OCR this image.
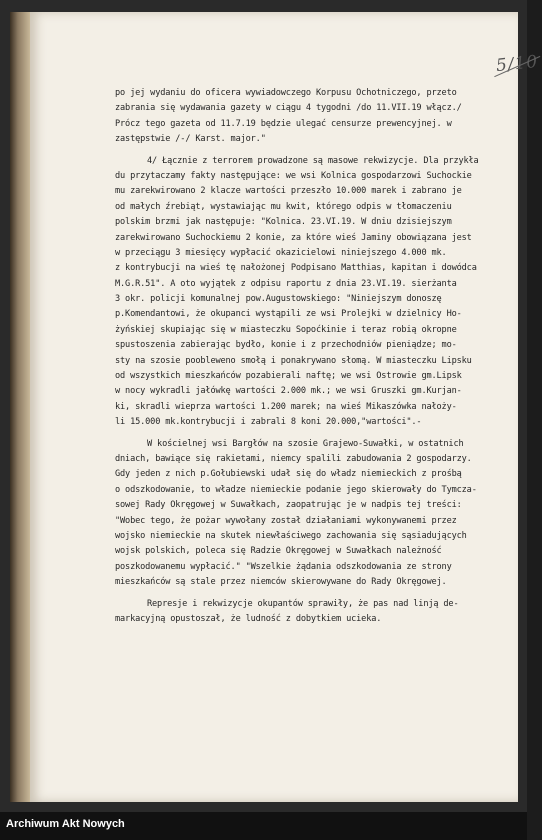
5/10
po jej wydaniu do oficera wywiadowczego Korpusu Ochotniczego, przeto
zabrania się wydawania gazety w ciągu 4 tygodni /do 11.VII.19 włącz./
Prócz tego gazeta od 11.7.19 będzie ulegać censurze prewencyjnej. w
zastępstwie /-/ Karst. major."
4/ Łącznie z terrorem prowadzone są masowe rekwizycje. Dla przykła
du przytaczamy fakty następujące: we wsi Kolnica gospodarzowi Suchockie
mu zarekwirowano 2 klacze wartości przeszło 10.000 marek i zabrano je
od małych źrebiąt, wystawiając mu kwit, którego odpis w tłomaczeniu
polskim brzmi jak następuje: "Kolnica. 23.VI.19. W dniu dzisiejszym
zarekwirowano Suchockiemu 2 konie, za które wieś Jaminy obowiązana jest
w przeciągu 3 miesięcy wypłacić okazicielowi niniejszego 4.000 mk.
z kontrybucji na wieś tę nałożonej Podpisano Matthias, kapitan i dowódca
M.G.R.51". A oto wyjątek z odpisu raportu z dnia 23.VI.19. sierżanta
3 okr. policji komunalnej pow.Augustowskiego: "Niniejszym donoszę
p.Komendantowi, że okupanci wystąpili ze wsi Prolejki w dzielnicy Ho-
żyńskiej skupiając się w miasteczku Sopoćkinie i teraz robią okropne
spustoszenia zabierając bydło, konie i z przechodniów pieniądze; mo-
sty na szosie poobleweno smołą i ponakrywano słomą. W miasteczku Lipsku
od wszystkich mieszkańców pozabierali naftę; we wsi Ostrowie gm.Lipsk
w nocy wykradli jałówkę wartości 2.000 mk.; we wsi Gruszki gm.Kurjan-
ki, skradli wieprza wartości 1.200 marek; na wieś Mikaszówka nałoży-
li 15.000 mk.kontrybucji i zabrali 8 koni 20.000,"wartości".-
W kościelnej wsi Bargłów na szosie Grajewo-Suwałki, w ostatnich
dniach, bawiące się rakietami, niemcy spalili zabudowania 2 gospodarzy.
Gdy jeden z nich p.Gołubiewski udał się do władz niemieckich z prośbą
o odszkodowanie, to władze niemieckie podanie jego skierowały do Tymcza-
sowej Rady Okręgowej w Suwałkach, zaopatrując je w nadpis tej treści:
"Wobec tego, że pożar wywołany został działaniami wykonywanemi przez
wojsko niemieckie na skutek niewłaściwego zachowania się sąsiadujących
wojsk polskich, poleca się Radzie Okręgowej w Suwałkach należność
poszkodowanemu wypłacić." "Wszelkie żądania odszkodowania ze strony
mieszkańców są stale przez niemców skierowywane do Rady Okręgowej.
Represje i rekwizycje okupantów sprawiły, że pas nad linją de-
markacyjną opustoszał, że ludność z dobytkiem ucieka.
Archiwum Akt Nowych
